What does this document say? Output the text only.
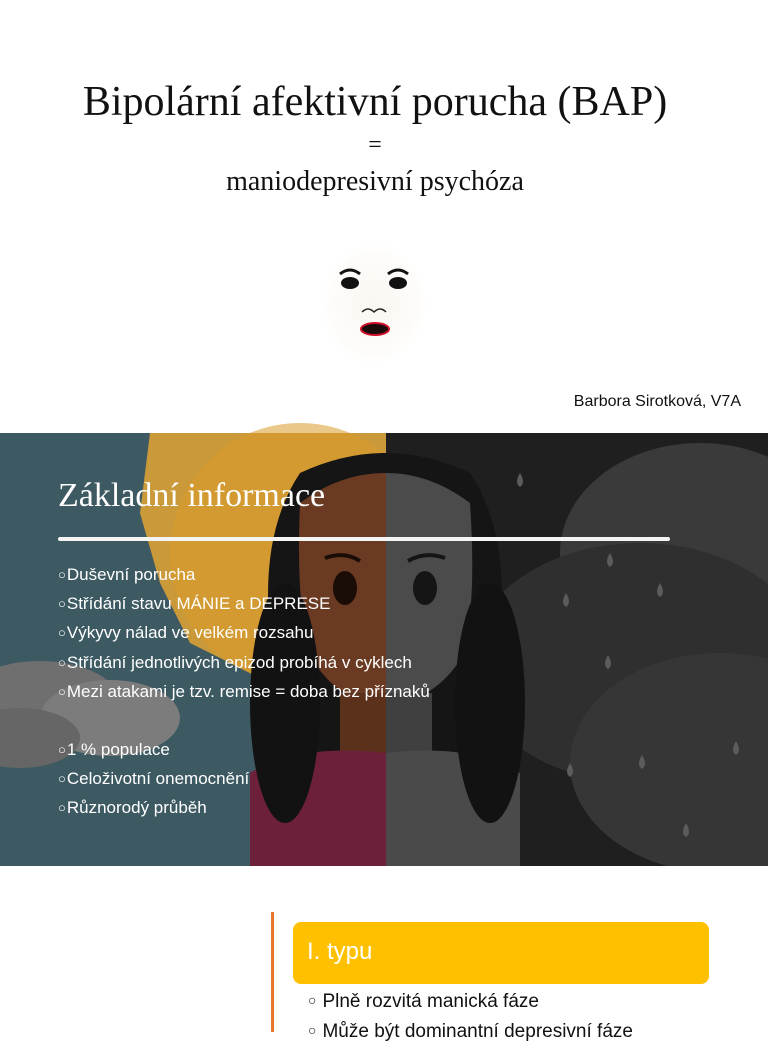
Bipolární afektivní porucha (BAP)
=
maniodepresivní psychóza
Barbora Sirotková, V7A
Základní informace
○Duševní porucha
○Střídání stavu MÁNIE a DEPRESE
○Výkyvy nálad ve velkém rozsahu
○Střídání jednotlivých epizod probíhá v cyklech
○Mezi atakami je tzv. remise = doba bez příznaků
○1 % populace
○Celoživotní onemocnění
○Různorodý průběh
I. typu
○ Plně rozvitá manická fáze
○ Může být dominantní depresivní fáze
